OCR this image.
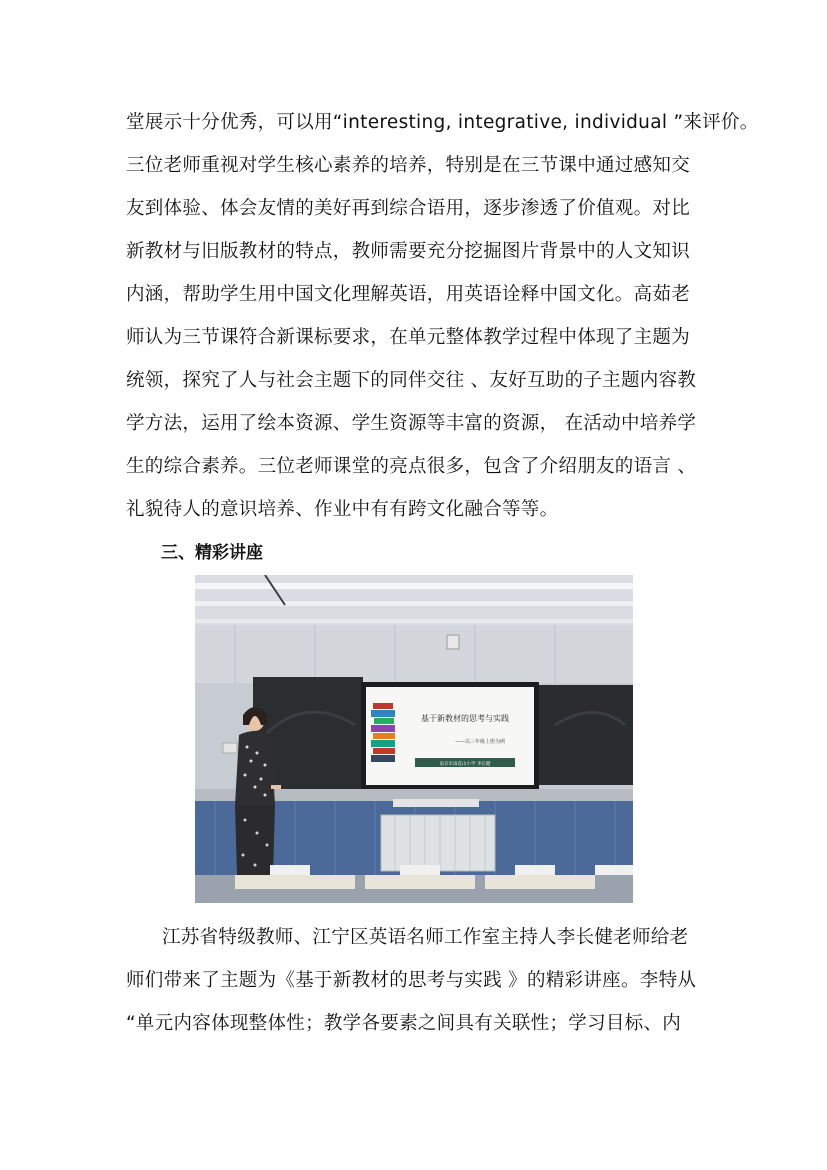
堂展示十分优秀，可以用“interesting, integrative, individual ”来评价。
三位老师重视对学生核心素养的培养，特别是在三节课中通过感知交
友到体验、体会友情的美好再到综合语用，逐步渗透了价值观。对比
新教材与旧版教材的特点，教师需要充分挖掘图片背景中的人文知识
内涵，帮助学生用中国文化理解英语，用英语诠释中国文化。高茹老
师认为三节课符合新课标要求，在单元整体教学过程中体现了主题为
统领，探究了人与社会主题下的同伴交往 、友好互助的子主题内容教
学方法，运用了绘本资源、学生资源等丰富的资源， 在活动中培养学
生的综合素养。三位老师课堂的亮点很多，包含了介绍朋友的语言 、
礼貌待人的意识培养、作业中有有跨文化融合等等。
三、精彩讲座
基于新教材的思考与实践
——以三年级上册为例
南京市雨花山小学 李长健
江苏省特级教师、江宁区英语名师工作室主持人李长健老师给老
师们带来了主题为《基于新教材的思考与实践 》的精彩讲座。李特从
“单元内容体现整体性；教学各要素之间具有关联性；学习目标、内
